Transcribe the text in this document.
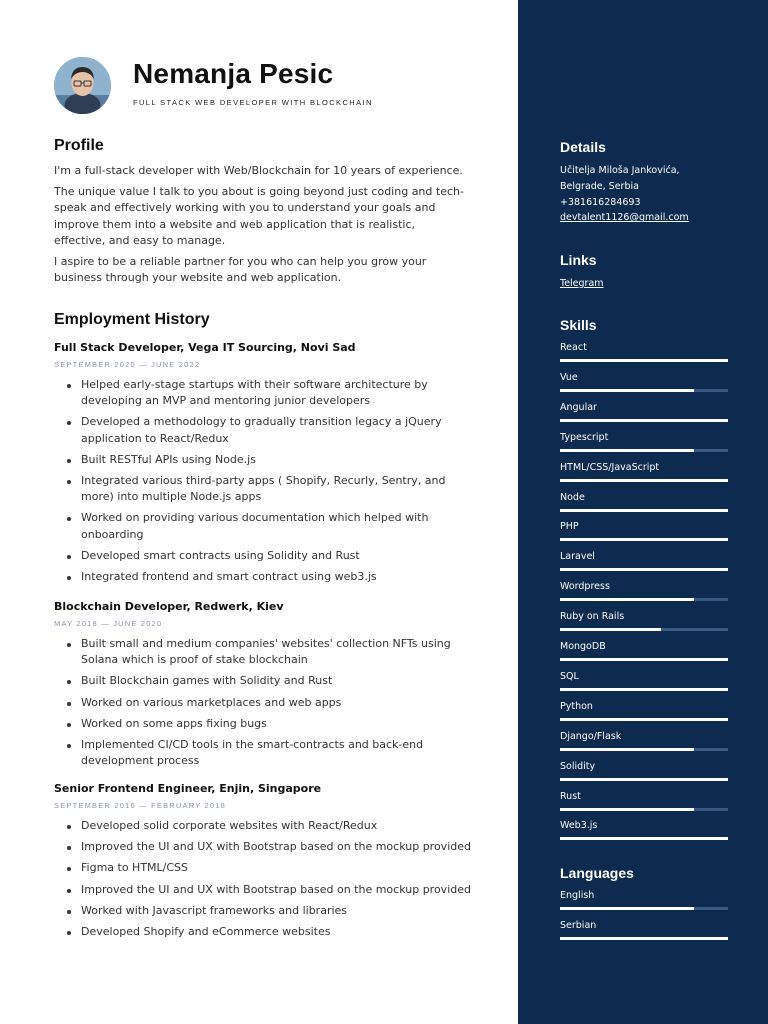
Nemanja Pesic
FULL STACK WEB DEVELOPER WITH BLOCKCHAIN
Profile

I'm a full-stack developer with Web/Blockchain for 10 years of experience.

The unique value I talk to you about is going beyond just coding and tech-speak and effectively working with you to understand your goals and improve them into a website and web application that is realistic, effective, and easy to manage.

I aspire to be a reliable partner for you who can help you grow your business through your website and web application.

Employment History
Full Stack Developer, Vega IT Sourcing, Novi Sad
SEPTEMBER 2020 — JUNE 2022
Helped early-stage startups with their software architecture by developing an MVP and mentoring junior developers
Developed a methodology to gradually transition legacy a jQuery application to React/Redux
Built RESTful APIs using Node.js
Integrated various third-party apps ( Shopify, Recurly, Sentry, and more) into multiple Node.js apps
Worked on providing various documentation which helped with onboarding
Developed smart contracts using Solidity and Rust
Integrated frontend and smart contract using web3.js
Blockchain Developer, Redwerk, Kiev
MAY 2018 — JUNE 2020
Built small and medium companies' websites' collection NFTs using Solana which is proof of stake blockchain
Built Blockchain games with Solidity and Rust
Worked on various marketplaces and web apps
Worked on some apps fixing bugs
Implemented CI/CD tools in the smart-contracts and back-end development process
Senior Frontend Engineer, Enjin, Singapore
SEPTEMBER 2016 — FEBRUARY 2018
Developed solid corporate websites with React/Redux
Improved the UI and UX with Bootstrap based on the mockup provided
Figma to HTML/CSS
Improved the UI and UX with Bootstrap based on the mockup provided
Worked with Javascript frameworks and libraries
Developed Shopify and eCommerce websites
Details
Učitelja Miloša Jankovića,
Belgrade, Serbia
+381616284693
devtalent1126@gmail.com
Links
Telegram
Skills
React
Vue
Angular
Typescript
HTML/CSS/JavaScript
Node
PHP
Laravel
Wordpress
Ruby on Rails
MongoDB
SQL
Python
Django/Flask
Solidity
Rust
Web3.js
Languages
English
Serbian
